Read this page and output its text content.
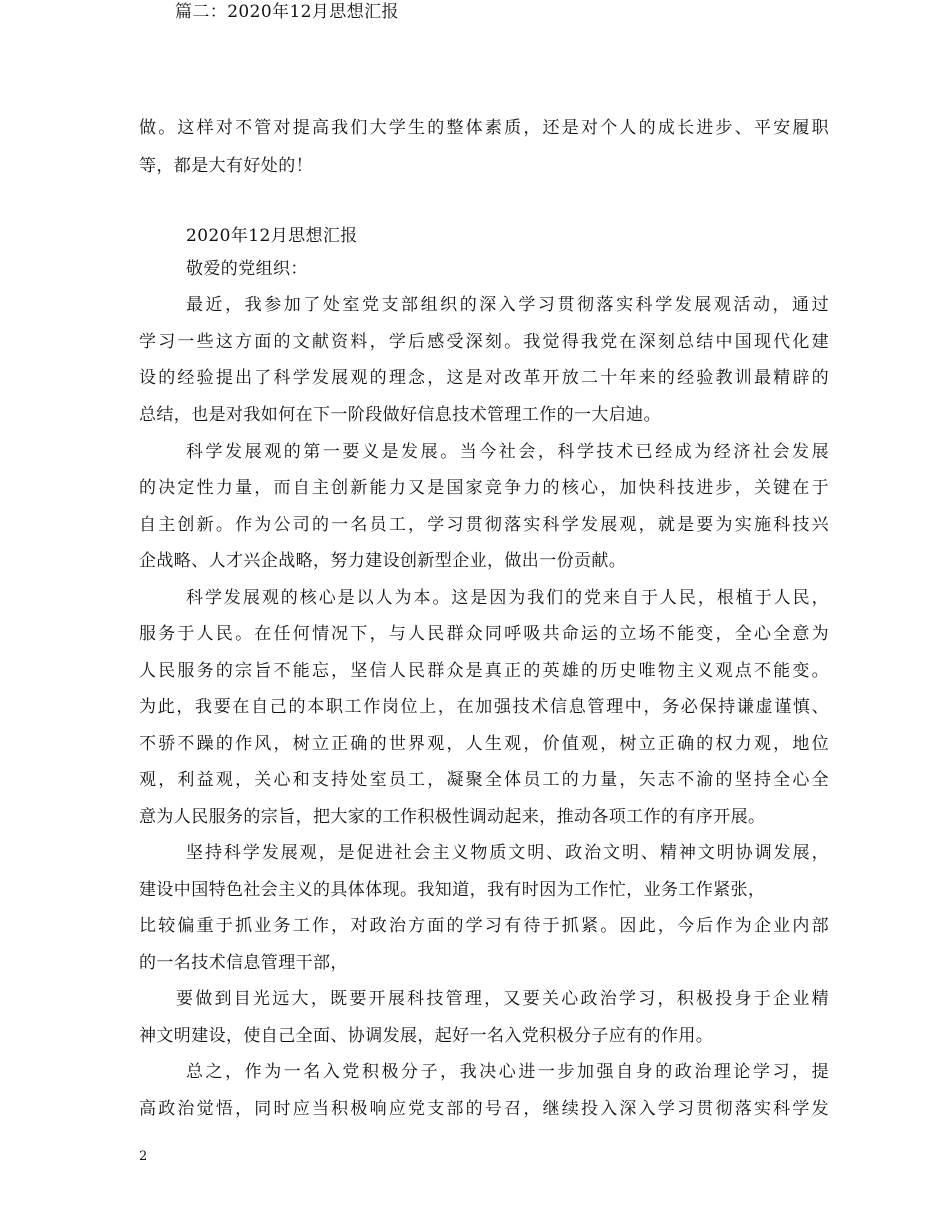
做。这样对不管对提高我们大学生的整体素质，还是对个人的成长进步、平安履职
等，都是大有好处的！
篇二：2020年12月思想汇报
2020年12月思想汇报
敬爱的党组织：
最近，我参加了处室党支部组织的深入学习贯彻落实科学发展观活动，通过
学习一些这方面的文献资料，学后感受深刻。我觉得我党在深刻总结中国现代化建
设的经验提出了科学发展观的理念，这是对改革开放二十年来的经验教训最精辟的
总结，也是对我如何在下一阶段做好信息技术管理工作的一大启迪。
科学发展观的第一要义是发展。当今社会，科学技术已经成为经济社会发展
的决定性力量，而自主创新能力又是国家竞争力的核心，加快科技进步，关键在于
自主创新。作为公司的一名员工，学习贯彻落实科学发展观，就是要为实施科技兴
企战略、人才兴企战略，努力建设创新型企业，做出一份贡献。
科学发展观的核心是以人为本。这是因为我们的党来自于人民，根植于人民，
服务于人民。在任何情况下，与人民群众同呼吸共命运的立场不能变，全心全意为
人民服务的宗旨不能忘，坚信人民群众是真正的英雄的历史唯物主义观点不能变。
为此，我要在自己的本职工作岗位上，在加强技术信息管理中，务必保持谦虚谨慎、
不骄不躁的作风，树立正确的世界观，人生观，价值观，树立正确的权力观，地位
观，利益观，关心和支持处室员工，凝聚全体员工的力量，矢志不渝的坚持全心全
意为人民服务的宗旨，把大家的工作积极性调动起来，推动各项工作的有序开展。
坚持科学发展观，是促进社会主义物质文明、政治文明、精神文明协调发展，
建设中国特色社会主义的具体体现。我知道，我有时因为工作忙，业务工作紧张，
比较偏重于抓业务工作，对政治方面的学习有待于抓紧。因此，今后作为企业内部
的一名技术信息管理干部，
要做到目光远大，既要开展科技管理，又要关心政治学习，积极投身于企业精
神文明建设，使自己全面、协调发展，起好一名入党积极分子应有的作用。
总之，作为一名入党积极分子，我决心进一步加强自身的政治理论学习，提
高政治觉悟，同时应当积极响应党支部的号召，继续投入深入学习贯彻落实科学发
2
